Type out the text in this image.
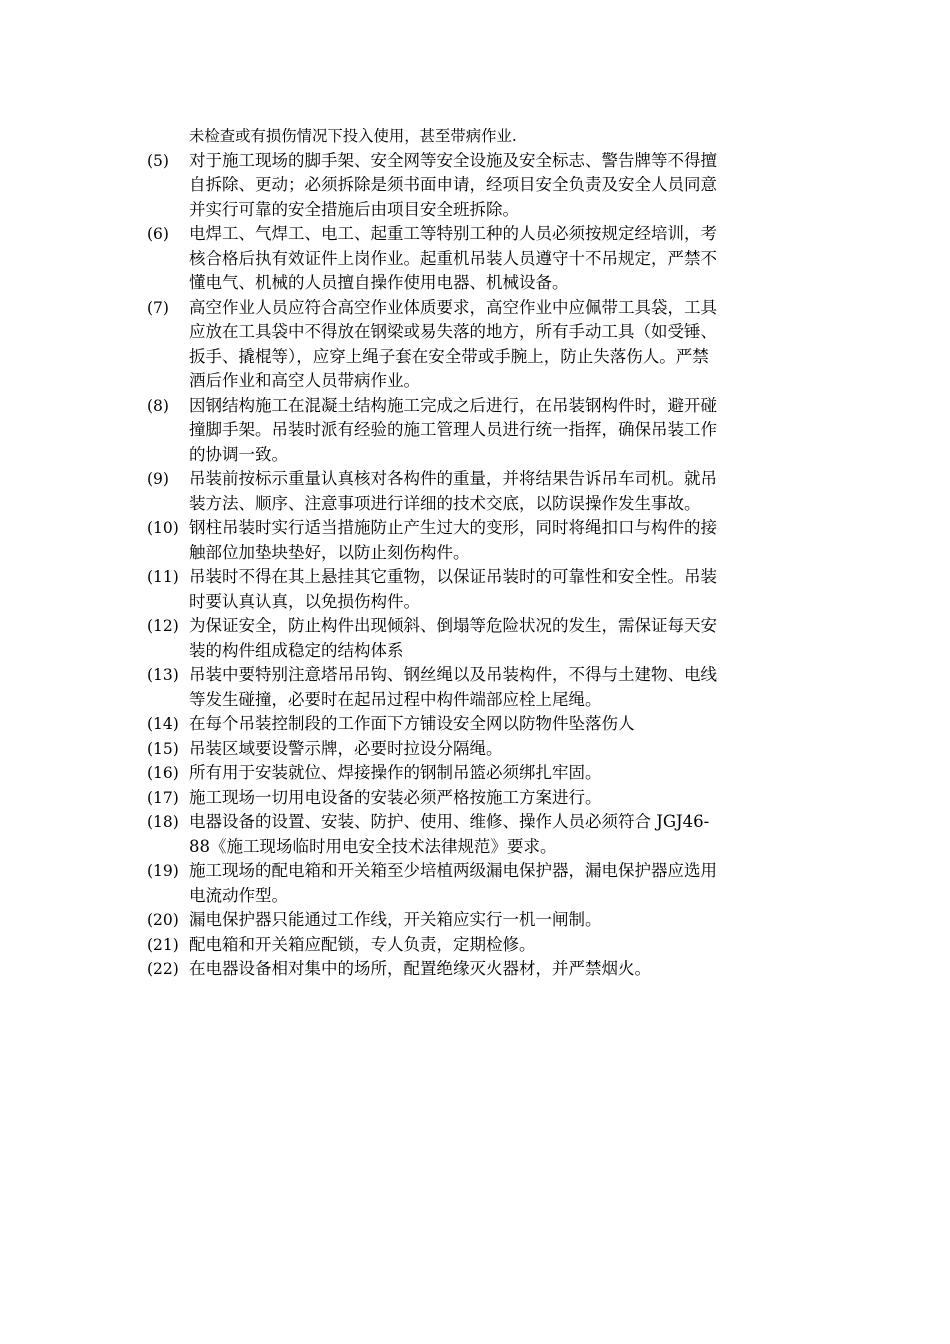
未检查或有损伤情况下投入使用，甚至带病作业.
(5)	对于施工现场的脚手架、安全网等安全设施及安全标志、警告牌等不得擅
自拆除、更动；必须拆除是须书面申请，经项目安全负责及安全人员同意
并实行可靠的安全措施后由项目安全班拆除。
(6)	电焊工、气焊工、电工、起重工等特别工种的人员必须按规定经培训，考
核合格后执有效证件上岗作业。起重机吊装人员遵守十不吊规定，严禁不
懂电气、机械的人员擅自操作使用电器、机械设备。
(7)	高空作业人员应符合高空作业体质要求，高空作业中应佩带工具袋，工具
应放在工具袋中不得放在钢梁或易失落的地方，所有手动工具（如受锤、
扳手、撬棍等），应穿上绳子套在安全带或手腕上，防止失落伤人。严禁
酒后作业和高空人员带病作业。
(8)	因钢结构施工在混凝土结构施工完成之后进行，在吊装钢构件时，避开碰
撞脚手架。吊装时派有经验的施工管理人员进行统一指挥，确保吊装工作
的协调一致。
(9)	吊装前按标示重量认真核对各构件的重量，并将结果告诉吊车司机。就吊
装方法、顺序、注意事项进行详细的技术交底，以防误操作发生事故。
(10) 钢柱吊装时实行适当措施防止产生过大的变形，同时将绳扣口与构件的接
触部位加垫块垫好，以防止刻伤构件。
(11) 吊装时不得在其上悬挂其它重物，以保证吊装时的可靠性和安全性。吊装
时要认真认真，以免损伤构件。
(12) 为保证安全，防止构件出现倾斜、倒塌等危险状况的发生，需保证每天安
装的构件组成稳定的结构体系
(13) 吊装中要特别注意塔吊吊钩、钢丝绳以及吊装构件，不得与土建物、电线
等发生碰撞，必要时在起吊过程中构件端部应栓上尾绳。
(14) 在每个吊装控制段的工作面下方铺设安全网以防物件坠落伤人
(15) 吊装区域要设警示牌，必要时拉设分隔绳。
(16) 所有用于安装就位、焊接操作的钢制吊篮必须绑扎牢固。
(17) 施工现场一切用电设备的安装必须严格按施工方案进行。
(18) 电器设备的设置、安装、防护、使用、维修、操作人员必须符合 JGJ46-
88《施工现场临时用电安全技术法律规范》要求。
(19) 施工现场的配电箱和开关箱至少培植两级漏电保护器，漏电保护器应选用
电流动作型。
(20) 漏电保护器只能通过工作线，开关箱应实行一机一闸制。
(21) 配电箱和开关箱应配锁，专人负责，定期检修。
(22) 在电器设备相对集中的场所，配置绝缘灭火器材，并严禁烟火。
